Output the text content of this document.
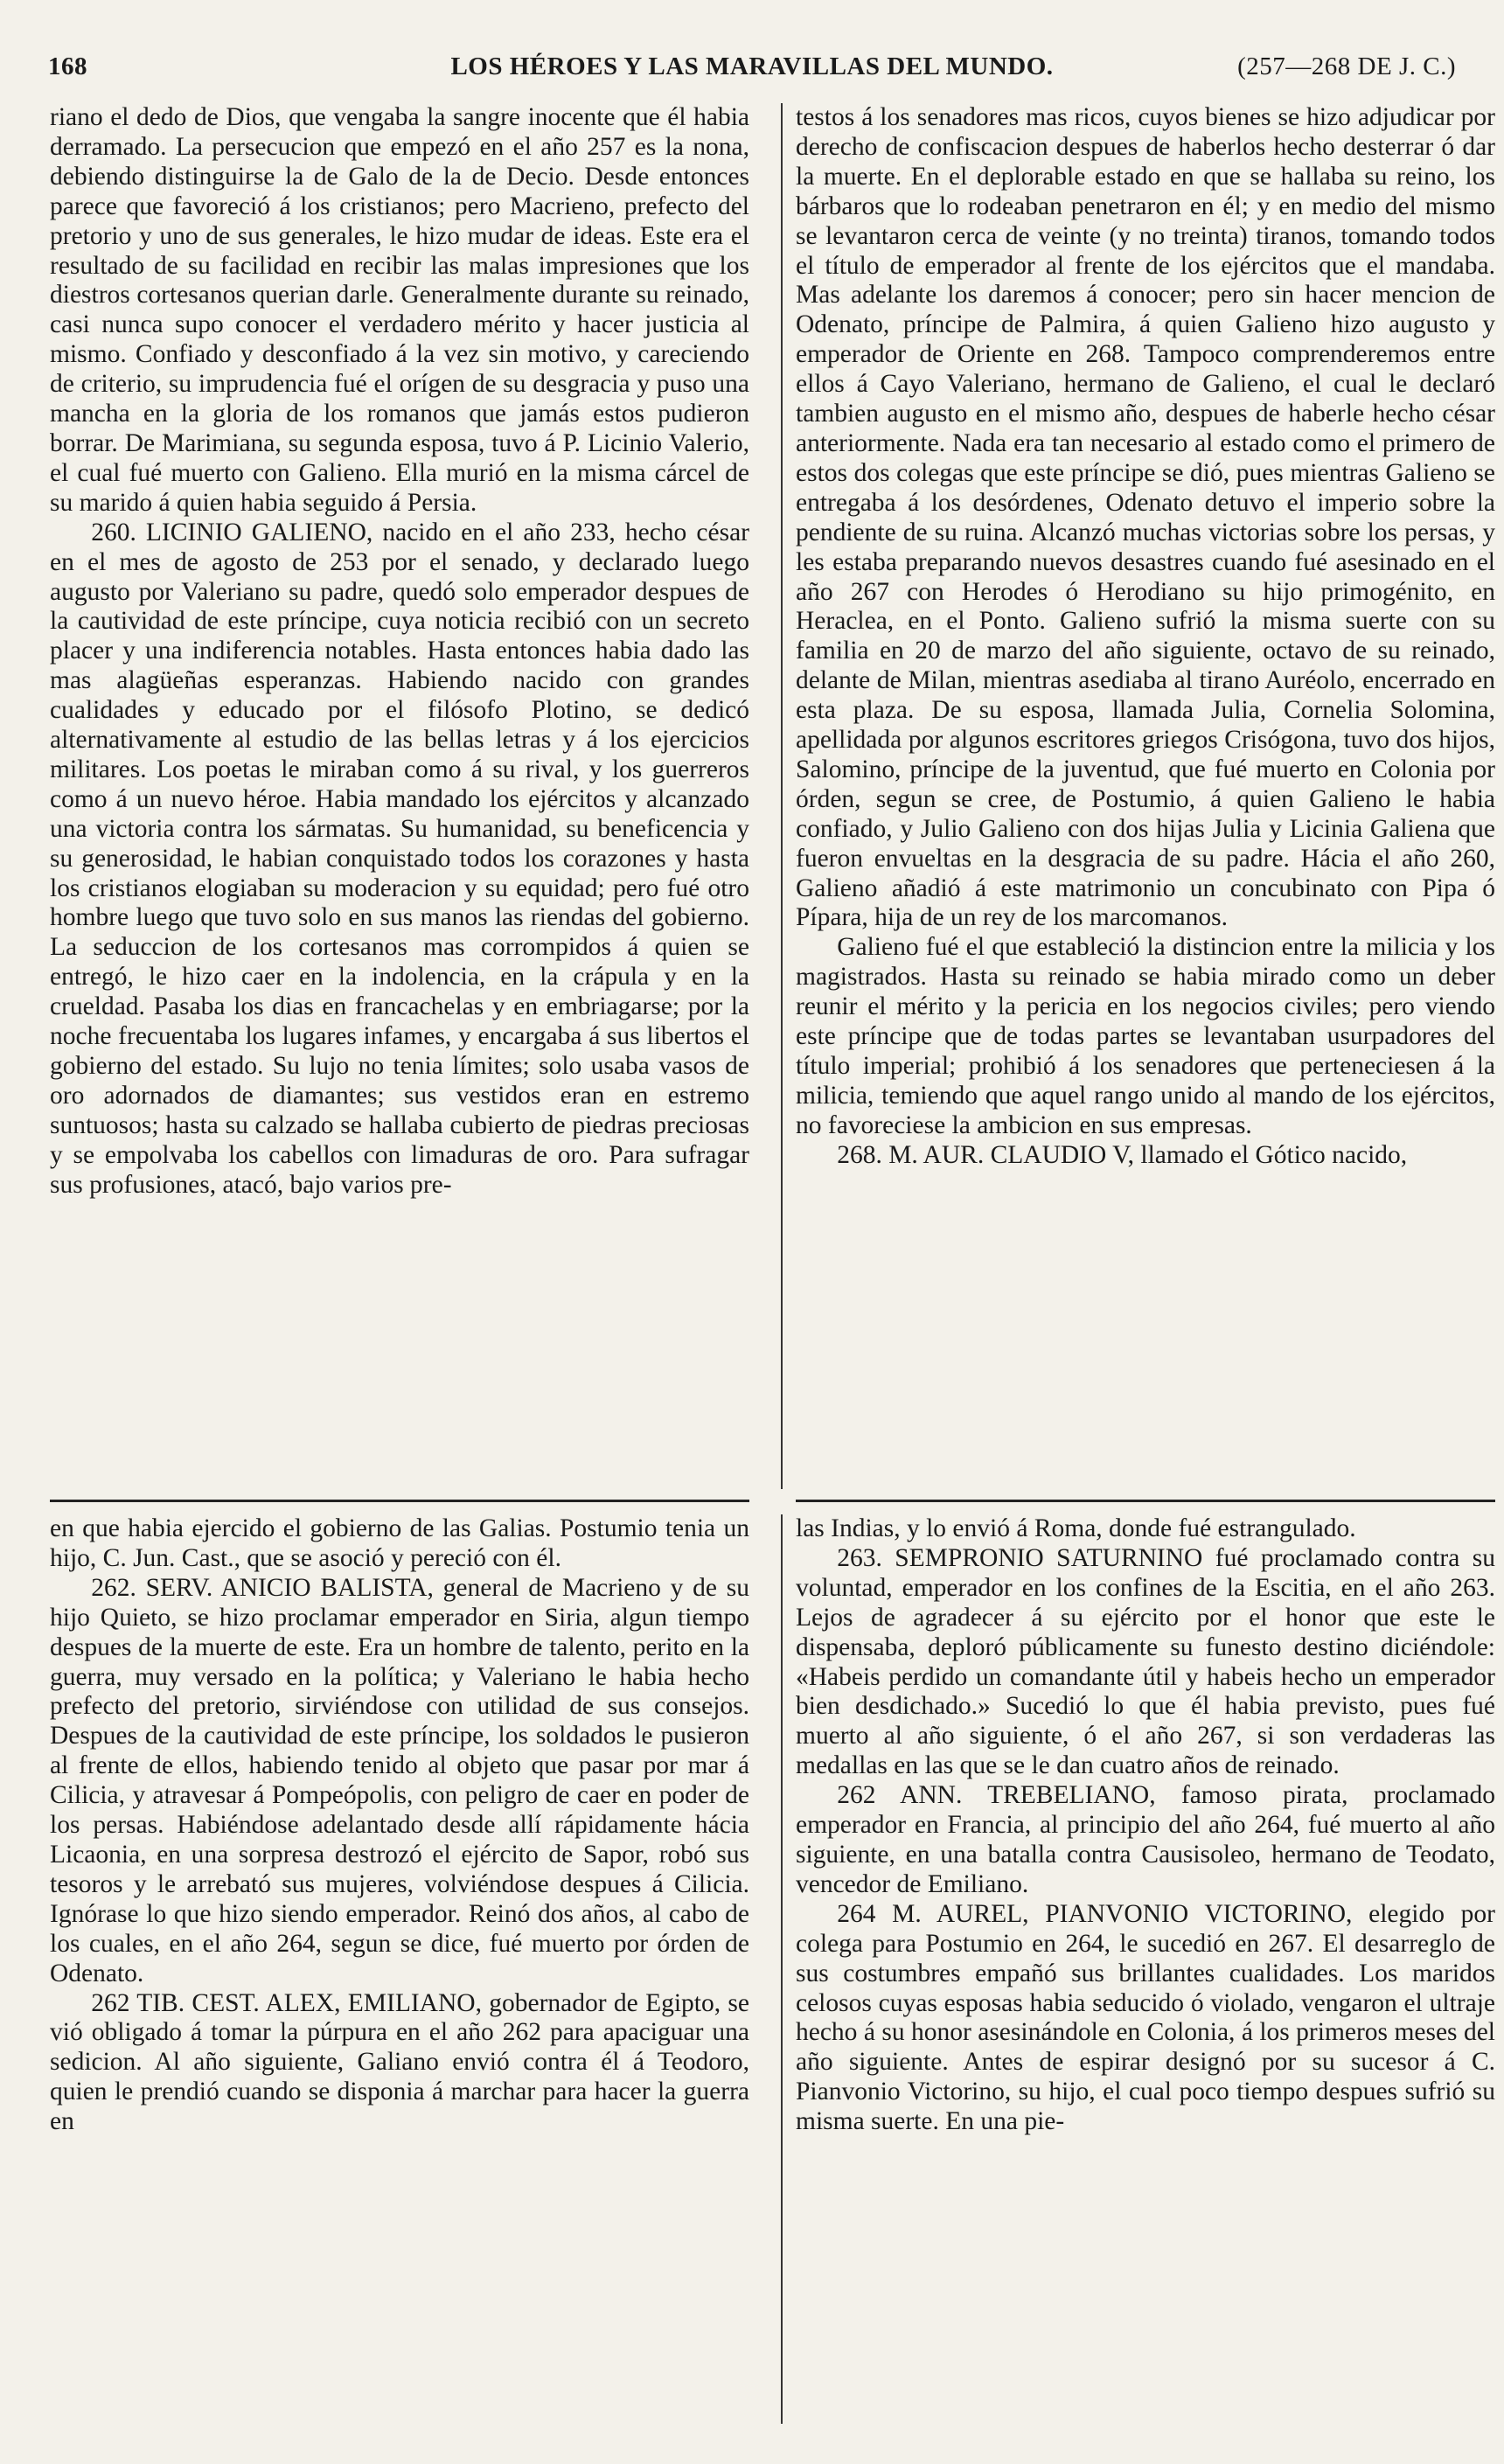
168	LOS HÉROES Y LAS MARAVILLAS DEL MUNDO.	(257—268 DE J. C.)

riano el dedo de Dios, que vengaba la sangre inocente que él habia derramado. La persecucion que empezó en el año 257 es la nona, debiendo distinguirse la de Galo de la de Decio. Desde entonces parece que favoreció á los cristianos; pero Macrieno, prefecto del pretorio y uno de sus generales, le hizo mudar de ideas. Este era el resultado de su facilidad en recibir las malas impresiones que los diestros cortesanos querian darle. Generalmente durante su reinado, casi nunca supo conocer el verdadero mérito y hacer justicia al mismo. Confiado y desconfiado á la vez sin motivo, y careciendo de criterio, su imprudencia fué el orígen de su desgracia y puso una mancha en la gloria de los romanos que jamás estos pudieron borrar. De Marimiana, su segunda esposa, tuvo á P. Licinio Valerio, el cual fué muerto con Galieno. Ella murió en la misma cárcel de su marido á quien habia seguido á Persia.

260. LICINIO GALIENO, nacido en el año 233, hecho césar en el mes de agosto de 253 por el senado, y declarado luego augusto por Valeriano su padre, quedó solo emperador despues de la cautividad de este príncipe, cuya noticia recibió con un secreto placer y una indiferencia notables. Hasta entonces habia dado las mas alagüeñas esperanzas. Habiendo nacido con grandes cualidades y educado por el filósofo Plotino, se dedicó alternativamente al estudio de las bellas letras y á los ejercicios militares. Los poetas le miraban como á su rival, y los guerreros como á un nuevo héroe. Habia mandado los ejércitos y alcanzado una victoria contra los sármatas. Su humanidad, su beneficencia y su generosidad, le habian conquistado todos los corazones y hasta los cristianos elogiaban su moderacion y su equidad; pero fué otro hombre luego que tuvo solo en sus manos las riendas del gobierno. La seduccion de los cortesanos mas corrompidos á quien se entregó, le hizo caer en la indolencia, en la crápula y en la crueldad. Pasaba los dias en francachelas y en embriagarse; por la noche frecuentaba los lugares infames, y encargaba á sus libertos el gobierno del estado. Su lujo no tenia límites; solo usaba vasos de oro adornados de diamantes; sus vestidos eran en estremo suntuosos; hasta su calzado se hallaba cubierto de piedras preciosas y se empolvaba los cabellos con limaduras de oro. Para sufragar sus profusiones, atacó, bajo varios pre-

testos á los senadores mas ricos, cuyos bienes se hizo adjudicar por derecho de confiscacion despues de haberlos hecho desterrar ó dar la muerte. En el deplorable estado en que se hallaba su reino, los bárbaros que lo rodeaban penetraron en él; y en medio del mismo se levantaron cerca de veinte (y no treinta) tiranos, tomando todos el título de emperador al frente de los ejércitos que el mandaba. Mas adelante los daremos á conocer; pero sin hacer mencion de Odenato, príncipe de Palmira, á quien Galieno hizo augusto y emperador de Oriente en 268. Tampoco comprenderemos entre ellos á Cayo Valeriano, hermano de Galieno, el cual le declaró tambien augusto en el mismo año, despues de haberle hecho césar anteriormente. Nada era tan necesario al estado como el primero de estos dos colegas que este príncipe se dió, pues mientras Galieno se entregaba á los desórdenes, Odenato detuvo el imperio sobre la pendiente de su ruina. Alcanzó muchas victorias sobre los persas, y les estaba preparando nuevos desastres cuando fué asesinado en el año 267 con Herodes ó Herodiano su hijo primogénito, en Heraclea, en el Ponto. Galieno sufrió la misma suerte con su familia en 20 de marzo del año siguiente, octavo de su reinado, delante de Milan, mientras asediaba al tirano Auréolo, encerrado en esta plaza. De su esposa, llamada Julia, Cornelia Solomina, apellidada por algunos escritores griegos Crisógona, tuvo dos hijos, Salomino, príncipe de la juventud, que fué muerto en Colonia por órden, segun se cree, de Postumio, á quien Galieno le habia confiado, y Julio Galieno con dos hijas Julia y Licinia Galiena que fueron envueltas en la desgracia de su padre. Hácia el año 260, Galieno añadió á este matrimonio un concubinato con Pipa ó Pípara, hija de un rey de los marcomanos.

Galieno fué el que estableció la distincion entre la milicia y los magistrados. Hasta su reinado se habia mirado como un deber reunir el mérito y la pericia en los negocios civiles; pero viendo este príncipe que de todas partes se levantaban usurpadores del título imperial; prohibió á los senadores que perteneciesen á la milicia, temiendo que aquel rango unido al mando de los ejércitos, no favoreciese la ambicion en sus empresas.

268. M. AUR. CLAUDIO V, llamado el Gótico nacido,

en que habia ejercido el gobierno de las Galias. Postumio tenia un hijo, C. Jun. Cast., que se asoció y pereció con él.

262. SERV. ANICIO BALISTA, general de Macrieno y de su hijo Quieto, se hizo proclamar emperador en Siria, algun tiempo despues de la muerte de este. Era un hombre de talento, perito en la guerra, muy versado en la política; y Valeriano le habia hecho prefecto del pretorio, sirviéndose con utilidad de sus consejos. Despues de la cautividad de este príncipe, los soldados le pusieron al frente de ellos, habiendo tenido al objeto que pasar por mar á Cilicia, y atravesar á Pompeópolis, con peligro de caer en poder de los persas. Habiéndose adelantado desde allí rápidamente hácia Licaonia, en una sorpresa destrozó el ejército de Sapor, robó sus tesoros y le arrebató sus mujeres, volviéndose despues á Cilicia. Ignórase lo que hizo siendo emperador. Reinó dos años, al cabo de los cuales, en el año 264, segun se dice, fué muerto por órden de Odenato.

262 TIB. CEST. ALEX, EMILIANO, gobernador de Egipto, se vió obligado á tomar la púrpura en el año 262 para apaciguar una sedicion. Al año siguiente, Galiano envió contra él á Teodoro, quien le prendió cuando se disponia á marchar para hacer la guerra en

las Indias, y lo envió á Roma, donde fué estrangulado.

263. SEMPRONIO SATURNINO fué proclamado contra su voluntad, emperador en los confines de la Escitia, en el año 263. Lejos de agradecer á su ejército por el honor que este le dispensaba, deploró públicamente su funesto destino diciéndole: «Habeis perdido un comandante útil y habeis hecho un emperador bien desdichado.» Sucedió lo que él habia previsto, pues fué muerto al año siguiente, ó el año 267, si son verdaderas las medallas en las que se le dan cuatro años de reinado.

262 ANN. TREBELIANO, famoso pirata, proclamado emperador en Francia, al principio del año 264, fué muerto al año siguiente, en una batalla contra Causisoleo, hermano de Teodato, vencedor de Emiliano.

264 M. AUREL, PIANVONIO VICTORINO, elegido por colega para Postumio en 264, le sucedió en 267. El desarreglo de sus costumbres empañó sus brillantes cualidades. Los maridos celosos cuyas esposas habia seducido ó violado, vengaron el ultraje hecho á su honor asesinándole en Colonia, á los primeros meses del año siguiente. Antes de espirar designó por su sucesor á C. Pianvonio Victorino, su hijo, el cual poco tiempo despues sufrió su misma suerte. En una pie-
